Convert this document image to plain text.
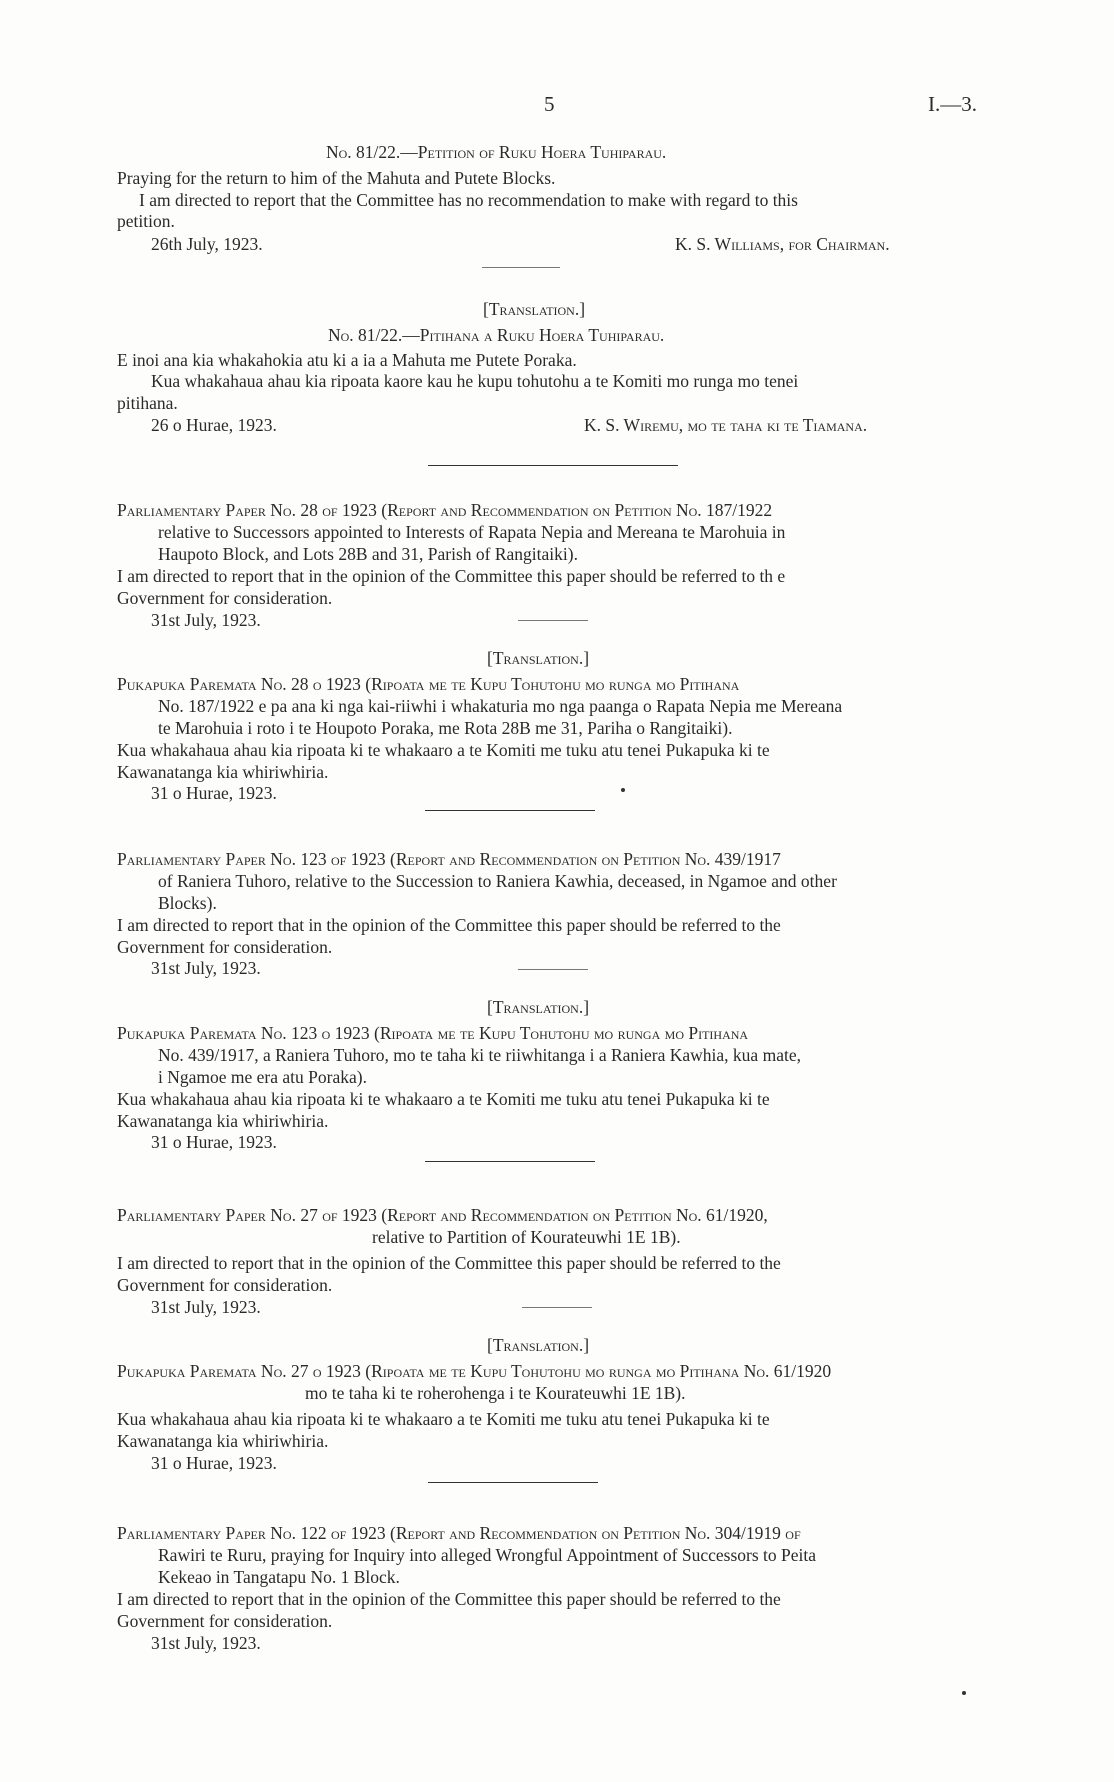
5	I.—3.
No. 81/22.—Petition of Ruku Hoera Tuhiparau.
Praying for the return to him of the Mahuta and Putete Blocks.
I am directed to report that the Committee has no recommendation to make with regard to this
petition.
26th July, 1923.	K. S. Williams, for Chairman.
[Translation.]
No. 81/22.—Pitihana a Ruku Hoera Tuhiparau.
E inoi ana kia whakahokia atu ki a ia a Mahuta me Putete Poraka.
Kua whakahaua ahau kia ripoata kaore kau he kupu tohutohu a te Komiti mo runga mo tenei
pitihana.
26 o Hurae, 1923.	K. S. Wiremu, mo te taha ki te Tiamana.
Parliamentary Paper No. 28 of 1923 (Report and Recommendation on Petition No. 187/1922
relative to Successors appointed to Interests of Rapata Nepia and Mereana te Marohuia in
Haupoto Block, and Lots 28B and 31, Parish of Rangitaiki).
I am directed to report that in the opinion of the Committee this paper should be referred to th e
Government for consideration.
31st July, 1923.
[Translation.]
Pukapuka Paremata No. 28 o 1923 (Ripoata me te Kupu Tohutohu mo runga mo Pitihana
No. 187/1922 e pa ana ki nga kai-riiwhi i whakaturia mo nga paanga o Rapata Nepia me Mereana
te Marohuia i roto i te Houpoto Poraka, me Rota 28B me 31, Pariha o Rangitaiki).
Kua whakahaua ahau kia ripoata ki te whakaaro a te Komiti me tuku atu tenei Pukapuka ki te
Kawanatanga kia whiriwhiria.
31 o Hurae, 1923.
Parliamentary Paper No. 123 of 1923 (Report and Recommendation on Petition No. 439/1917
of Raniera Tuhoro, relative to the Succession to Raniera Kawhia, deceased, in Ngamoe and other
Blocks).
I am directed to report that in the opinion of the Committee this paper should be referred to the
Government for consideration.
31st July, 1923.
[Translation.]
Pukapuka Paremata No. 123 o 1923 (Ripoata me te Kupu Tohutohu mo runga mo Pitihana
No. 439/1917, a Raniera Tuhoro, mo te taha ki te riiwhitanga i a Raniera Kawhia, kua mate,
i Ngamoe me era atu Poraka).
Kua whakahaua ahau kia ripoata ki te whakaaro a te Komiti me tuku atu tenei Pukapuka ki te
Kawanatanga kia whiriwhiria.
31 o Hurae, 1923.
Parliamentary Paper No. 27 of 1923 (Report and Recommendation on Petition No. 61/1920,
relative to Partition of Kourateuwhi 1E 1B).
I am directed to report that in the opinion of the Committee this paper should be referred to the
Government for consideration.
31st July, 1923.
[Translation.]
Pukapuka Paremata No. 27 o 1923 (Ripoata me te Kupu Tohutohu mo runga mo Pitihana No. 61/1920
mo te taha ki te roherohenga i te Kourateuwhi 1E 1B).
Kua whakahaua ahau kia ripoata ki te whakaaro a te Komiti me tuku atu tenei Pukapuka ki te
Kawanatanga kia whiriwhiria.
31 o Hurae, 1923.
Parliamentary Paper No. 122 of 1923 (Report and Recommendation on Petition No. 304/1919 of
Rawiri te Ruru, praying for Inquiry into alleged Wrongful Appointment of Successors to Peita
Kekeao in Tangatapu No. 1 Block.
I am directed to report that in the opinion of the Committee this paper should be referred to the
Government for consideration.
31st July, 1923.
